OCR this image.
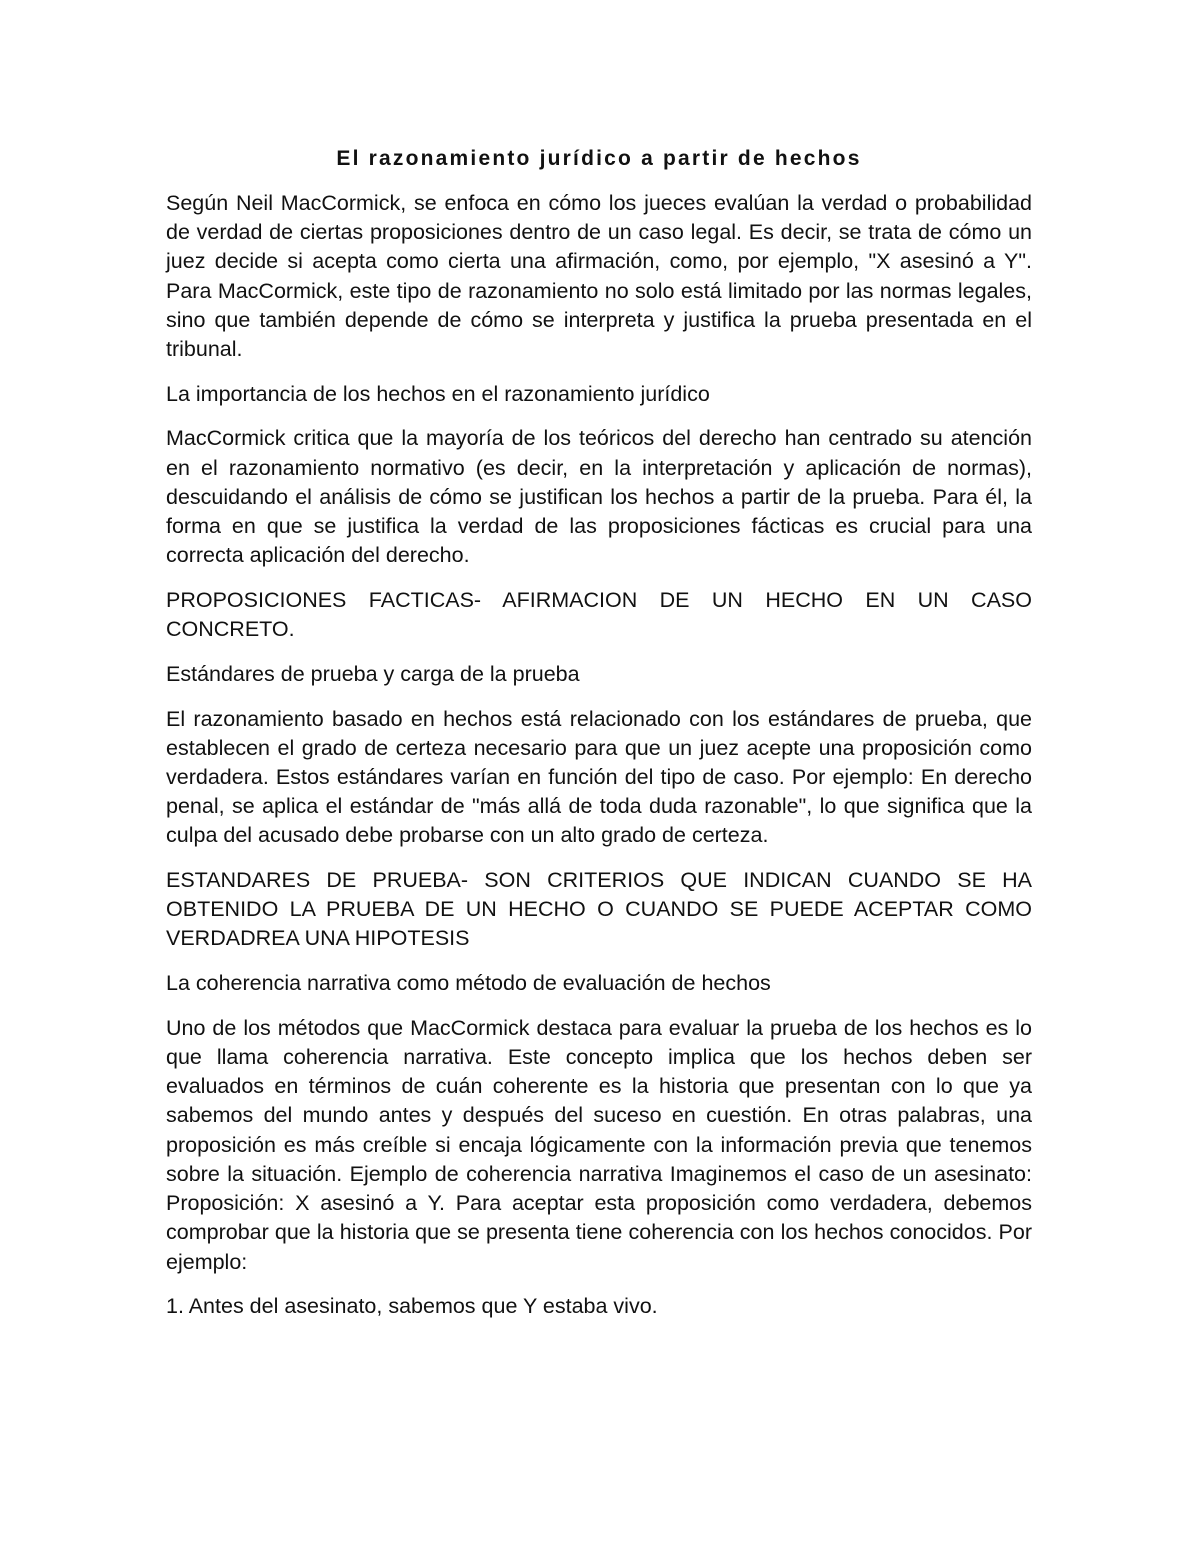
El razonamiento jurídico a partir de hechos
Según Neil MacCormick, se enfoca en cómo los jueces evalúan la verdad o probabilidad de verdad de ciertas proposiciones dentro de un caso legal. Es decir, se trata de cómo un juez decide si acepta como cierta una afirmación, como, por ejemplo, "X asesinó a Y". Para MacCormick, este tipo de razonamiento no solo está limitado por las normas legales, sino que también depende de cómo se interpreta y justifica la prueba presentada en el tribunal.
La importancia de los hechos en el razonamiento jurídico
MacCormick critica que la mayoría de los teóricos del derecho han centrado su atención en el razonamiento normativo (es decir, en la interpretación y aplicación de normas), descuidando el análisis de cómo se justifican los hechos a partir de la prueba. Para él, la forma en que se justifica la verdad de las proposiciones fácticas es crucial para una correcta aplicación del derecho.
PROPOSICIONES FACTICAS- AFIRMACION DE UN HECHO EN UN CASO CONCRETO.
Estándares de prueba y carga de la prueba
El razonamiento basado en hechos está relacionado con los estándares de prueba, que establecen el grado de certeza necesario para que un juez acepte una proposición como verdadera. Estos estándares varían en función del tipo de caso. Por ejemplo: En derecho penal, se aplica el estándar de "más allá de toda duda razonable", lo que significa que la culpa del acusado debe probarse con un alto grado de certeza.
ESTANDARES DE PRUEBA- SON CRITERIOS QUE INDICAN CUANDO SE HA OBTENIDO LA PRUEBA DE UN HECHO O CUANDO SE PUEDE ACEPTAR COMO VERDADREA UNA HIPOTESIS
La coherencia narrativa como método de evaluación de hechos
Uno de los métodos que MacCormick destaca para evaluar la prueba de los hechos es lo que llama coherencia narrativa. Este concepto implica que los hechos deben ser evaluados en términos de cuán coherente es la historia que presentan con lo que ya sabemos del mundo antes y después del suceso en cuestión. En otras palabras, una proposición es más creíble si encaja lógicamente con la información previa que tenemos sobre la situación. Ejemplo de coherencia narrativa Imaginemos el caso de un asesinato: Proposición: X asesinó a Y. Para aceptar esta proposición como verdadera, debemos comprobar que la historia que se presenta tiene coherencia con los hechos conocidos. Por ejemplo:
1. Antes del asesinato, sabemos que Y estaba vivo.
